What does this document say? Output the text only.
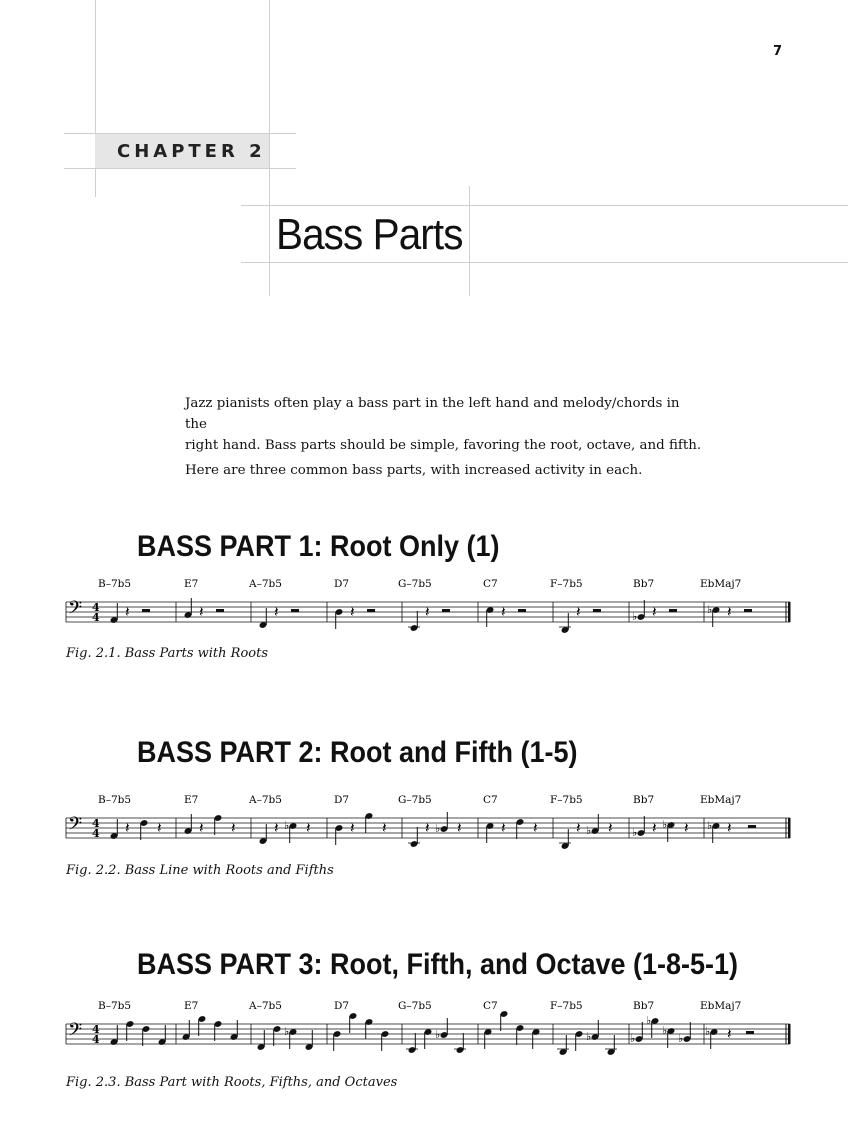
7
CHAPTER 2
Bass Parts
Jazz pianists often play a bass part in the left hand and melody/chords in the
right hand. Bass parts should be simple, favoring the root, octave, and fifth.
Here are three common bass parts, with increased activity in each.
BASS PART 1: Root Only (1)
B–7b5	E7	A–7b5	D7	G–7b5	C7	F–7b5	Bb7	EbMaj7
𝄢 4
4 𝄽	𝄽	𝄽	𝄽	𝄽	𝄽	𝄽	♭ 𝄽	♭ 𝄽
Fig. 2.1. Bass Parts with Roots
BASS PART 2: Root and Fifth (1-5)
B–7b5	E7	A–7b5	D7	G–7b5	C7	F–7b5	Bb7	EbMaj7
𝄢 4
4 𝄽 𝄽 𝄽 𝄽	𝄽 ♭ 𝄽	𝄽 𝄽	𝄽 ♭ 𝄽	𝄽 𝄽	𝄽 ♭ 𝄽 ♭ 𝄽 ♭ 𝄽 ♭ 𝄽
Fig. 2.2. Bass Line with Roots and Fifths
BASS PART 3: Root, Fifth, and Octave (1-8-5-1)
B–7b5	E7	A–7b5	D7	G–7b5	C7	F–7b5	Bb7	EbMaj7
𝄢 4
4
♭	♭	♭	♭
♭
♭
♭
♭ 𝄽
Fig. 2.3. Bass Part with Roots, Fifths, and Octaves
